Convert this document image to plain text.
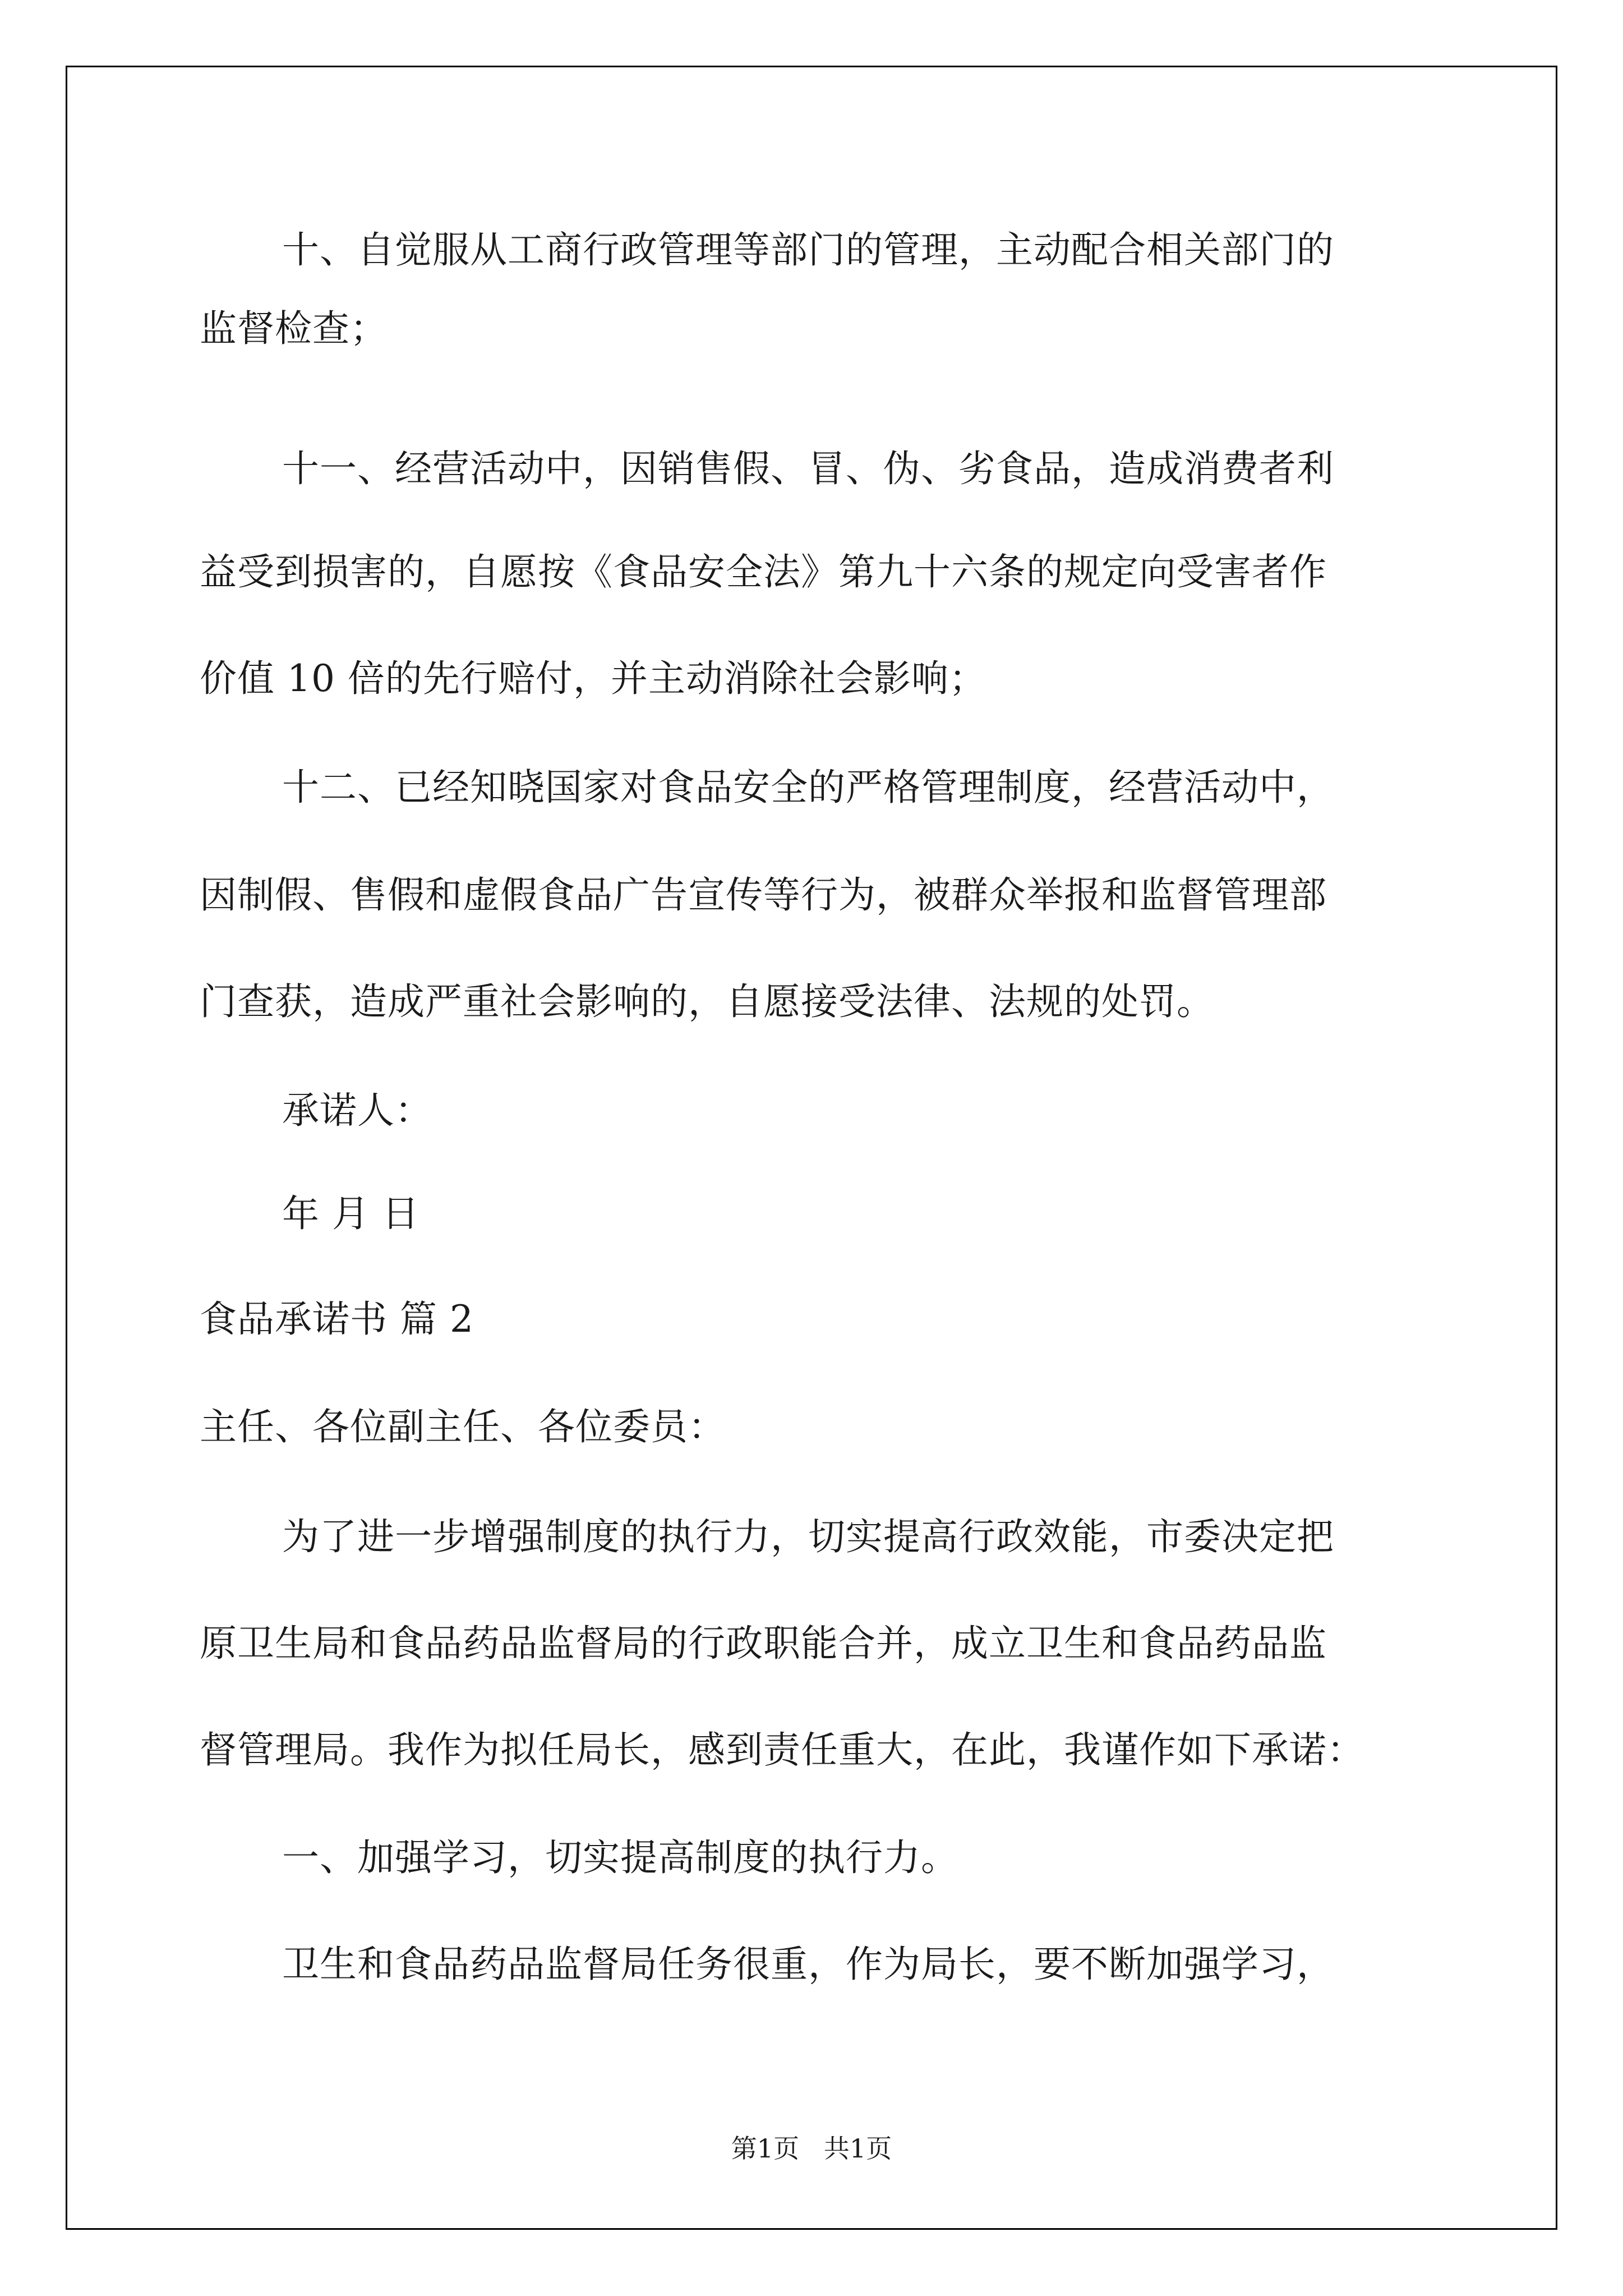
十、自觉服从工商行政管理等部门的管理，主动配合相关部门的
监督检查；
十一、经营活动中，因销售假、冒、伪、劣食品，造成消费者利
益受到损害的，自愿按《食品安全法》第九十六条的规定向受害者作
价值 10 倍的先行赔付，并主动消除社会影响；
十二、已经知晓国家对食品安全的严格管理制度，经营活动中，
因制假、售假和虚假食品广告宣传等行为，被群众举报和监督管理部
门查获，造成严重社会影响的，自愿接受法律、法规的处罚。
承诺人：
年 月 日
食品承诺书 篇 2
主任、各位副主任、各位委员：
为了进一步增强制度的执行力，切实提高行政效能，市委决定把
原卫生局和食品药品监督局的行政职能合并，成立卫生和食品药品监
督管理局。我作为拟任局长，感到责任重大，在此，我谨作如下承诺：
一、加强学习，切实提高制度的执行力。
卫生和食品药品监督局任务很重，作为局长，要不断加强学习，
第1页   共1页
